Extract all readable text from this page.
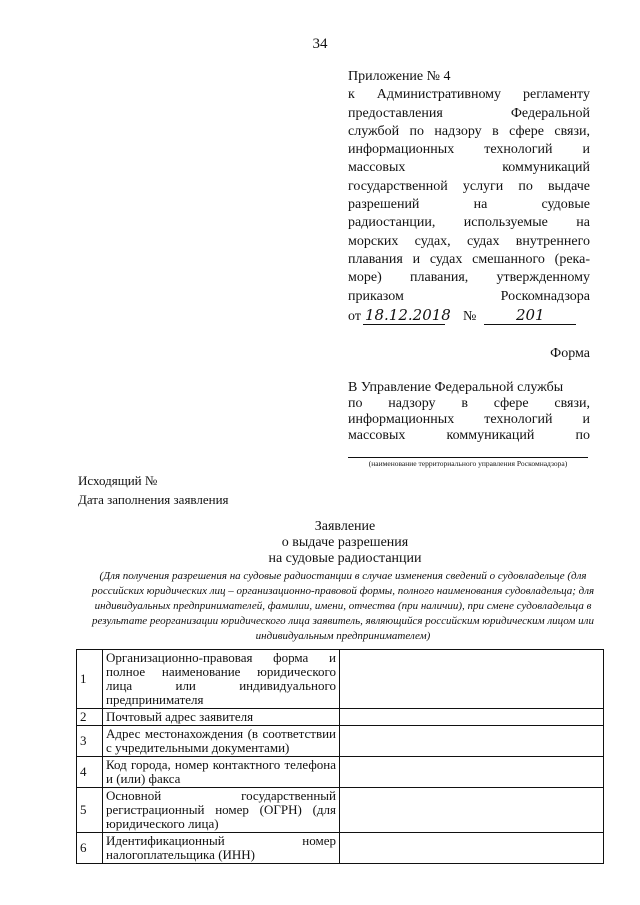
34
Приложение № 4
к Административному регламенту
предоставления Федеральной
службой по надзору в сфере связи,
информационных технологий и
массовых коммуникаций
государственной услуги по выдаче
разрешений на судовые
радиостанции, используемые на
морских судах, судах внутреннего
плавания и судах смешанного (река-
море) плавания, утвержденному
приказом Роскомнадзора
от 18.12.2018 №	201
Форма
В Управление Федеральной службы
по надзору в сфере связи,
информационных технологий и
массовых коммуникаций по
(наименование территориального управления Роскомнадзора)
Исходящий №
Дата заполнения заявления
Заявление
о выдаче разрешения
на судовые радиостанции
(Для получения разрешения на судовые радиостанции в случае изменения сведений о судовладельце (для российских юридических лиц – организационно-правовой формы, полного наименования судовладельца; для индивидуальных предпринимателей, фамилии, имени, отчества (при наличии), при смене судовладельца в результате реорганизации юридического лица заявитель, являющийся российским юридическим лицом или индивидуальным предпринимателем)
1	Организационно-правовая форма и полное наименование юридического лица или индивидуального предпринимателя	
2	Почтовый адрес заявителя	
3	Адрес местонахождения (в соответствии с учредительными документами)	
4	Код города, номер контактного телефона и (или) факса	
5	Основной государственный регистрационный номер (ОГРН) (для юридического лица)	
6	Идентификационный номер налогоплательщика (ИНН)	
